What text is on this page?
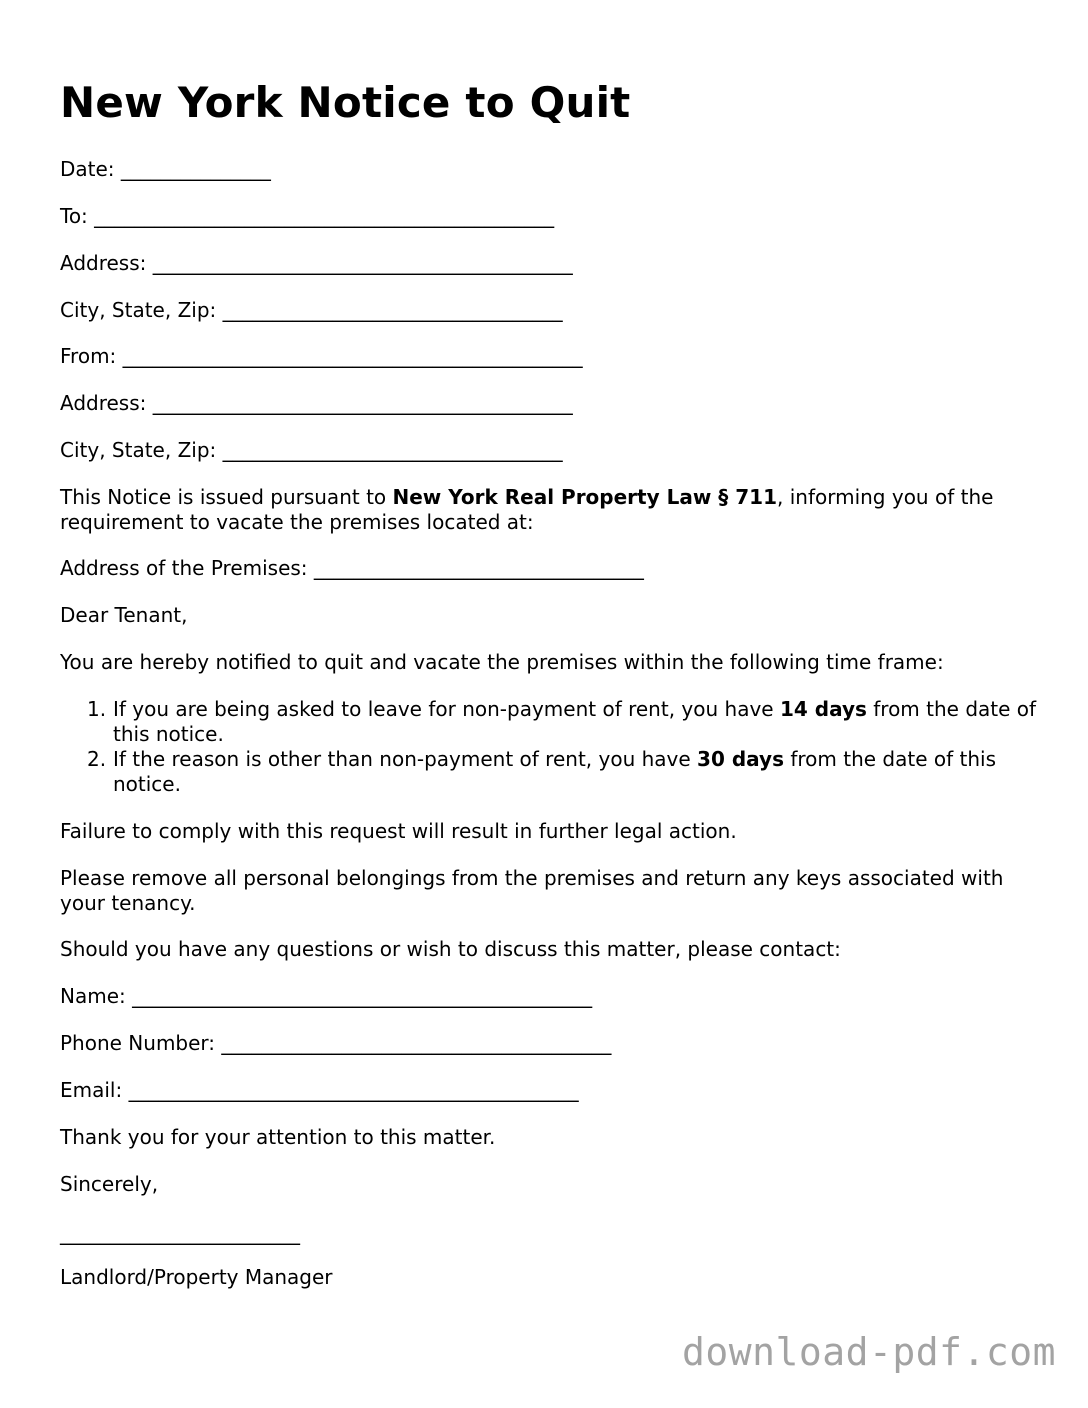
New York Notice to Quit
Date: _______________
To: ______________________________________________
Address: __________________________________________
City, State, Zip: __________________________________
From: ______________________________________________
Address: __________________________________________
City, State, Zip: __________________________________
This Notice is issued pursuant to New York Real Property Law § 711, informing you of the requirement to vacate the premises located at:
Address of the Premises: _________________________________
Dear Tenant,
You are hereby notified to quit and vacate the premises within the following time frame:
1. If you are being asked to leave for non-payment of rent, you have 14 days from the date of this notice.
2. If the reason is other than non-payment of rent, you have 30 days from the date of this notice.
Failure to comply with this request will result in further legal action.
Please remove all personal belongings from the premises and return any keys associated with your tenancy.
Should you have any questions or wish to discuss this matter, please contact:
Name: ______________________________________________
Phone Number: _______________________________________
Email: _____________________________________________
Thank you for your attention to this matter.
Sincerely,
________________________
Landlord/Property Manager
download-pdf.com
